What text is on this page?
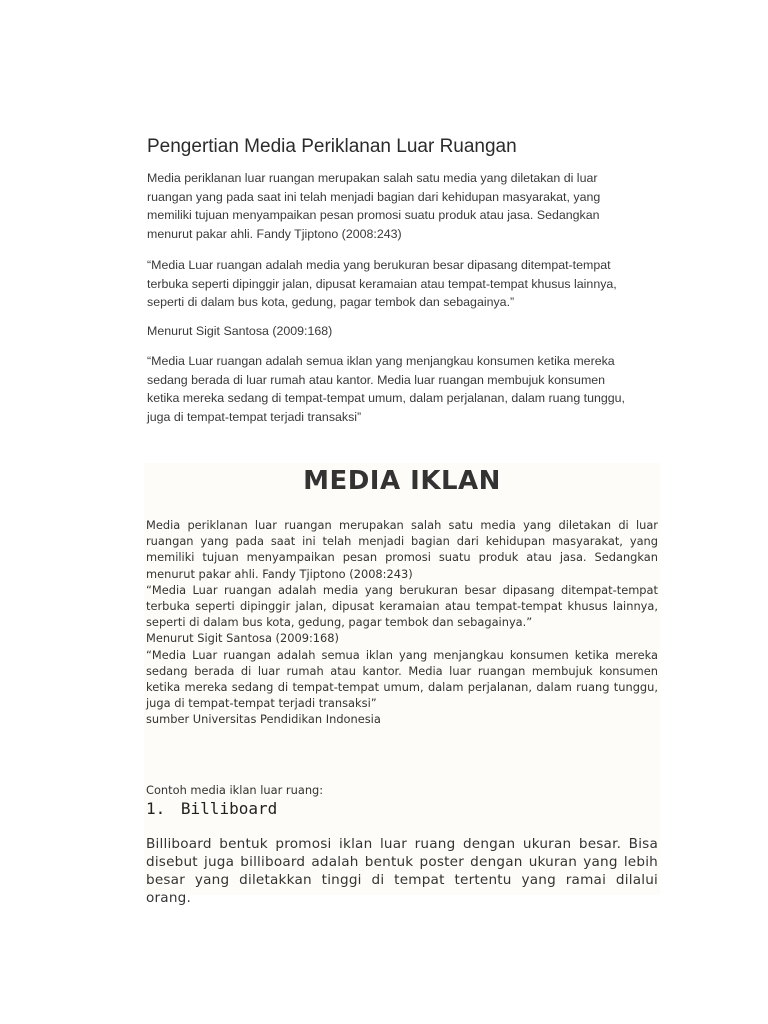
Pengertian Media Periklanan Luar Ruangan

Media periklanan luar ruangan merupakan salah satu media yang diletakan di luar ruangan yang pada saat ini telah menjadi bagian dari kehidupan masyarakat, yang memiliki tujuan menyampaikan pesan promosi suatu produk atau jasa. Sedangkan menurut pakar ahli. Fandy Tjiptono (2008:243)

“Media Luar ruangan adalah media yang berukuran besar dipasang ditempat-tempat terbuka seperti dipinggir jalan, dipusat keramaian atau tempat-tempat khusus lainnya, seperti di dalam bus kota, gedung, pagar tembok dan sebagainya.”

Menurut Sigit Santosa (2009:168)

“Media Luar ruangan adalah semua iklan yang menjangkau konsumen ketika mereka sedang berada di luar rumah atau kantor. Media luar ruangan membujuk konsumen ketika mereka sedang di tempat-tempat umum, dalam perjalanan, dalam ruang tunggu, juga di tempat-tempat terjadi transaksi”

MEDIA IKLAN
Media periklanan luar ruangan merupakan salah satu media yang diletakan di luar ruangan yang pada saat ini telah menjadi bagian dari kehidupan masyarakat, yang memiliki tujuan menyampaikan pesan promosi suatu produk atau jasa. Sedangkan menurut pakar ahli. Fandy Tjiptono (2008:243)
“Media Luar ruangan adalah media yang berukuran besar dipasang ditempat-tempat terbuka seperti dipinggir jalan, dipusat keramaian atau tempat-tempat khusus lainnya, seperti di dalam bus kota, gedung, pagar tembok dan sebagainya.”
Menurut Sigit Santosa (2009:168)
“Media Luar ruangan adalah semua iklan yang menjangkau konsumen ketika mereka sedang berada di luar rumah atau kantor. Media luar ruangan membujuk konsumen ketika mereka sedang di tempat-tempat umum, dalam perjalanan, dalam ruang tunggu, juga di tempat-tempat terjadi transaksi”
sumber Universitas Pendidikan Indonesia

Contoh media iklan luar ruang:

1. Billiboard

Billiboard bentuk promosi iklan luar ruang dengan ukuran besar. Bisa disebut juga billiboard adalah bentuk poster dengan ukuran yang lebih besar yang diletakkan tinggi di tempat tertentu yang ramai dilalui orang.
